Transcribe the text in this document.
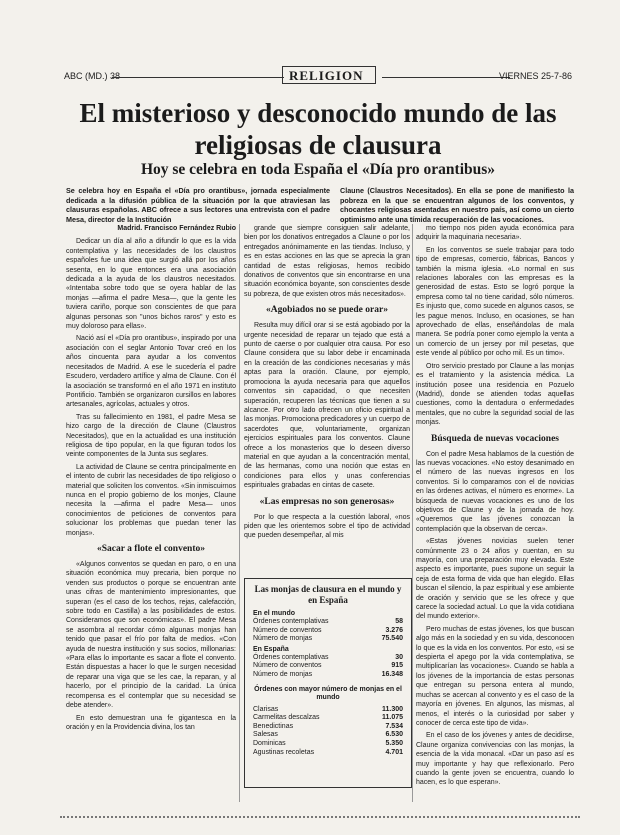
ABC (MD.) 38	RELIGION	VIERNES 25-7-86
El misterioso y desconocido mundo de las religiosas de clausura
Hoy se celebra en toda España el «Día pro orantibus»
Se celebra hoy en España el «Día pro orantibus», jornada especialmente dedicada a la difusión pública de la situación por la que atraviesan las clausuras españolas. ABC ofrece a sus lectores una entrevista con el padre Mesa, director de la Institución
Claune (Claustros Necesitados). En ella se pone de manifiesto la pobreza en la que se encuentran algunos de los conventos, y chocantes religiosas asentadas en nuestro país, así como un cierto optimismo ante una tímida recuperación de las vocaciones.

Madrid. Francisco Fernández Rubio

Dedicar un día al año a difundir lo que es la vida contemplativa y las necesidades de los claustros españoles fue una idea que surgió allá por los años sesenta, en lo que entonces era una asociación dedicada a la ayuda de los claustros necesitados. «Intentaba sobre todo que se oyera hablar de las monjas —afirma el padre Mesa—, que la gente les tuviera cariño, porque son conscientes de que para algunas personas son "unos bichos raros" y esto es muy doloroso para ellas».

Nació así el «Día pro orantibus», inspirado por una asociación con el seglar Antonio Tovar creó en los años cincuenta para ayudar a los conventos necesitados de Madrid. A ese le sucedería el padre Escudero, verdadero artífice y alma de Claune. Con él la asociación se transformó en el año 1971 en instituto Pontificio. También se organizaron cursillos en labores artesanales, agrícolas, actuales y otros.

Tras su fallecimiento en 1981, el padre Mesa se hizo cargo de la dirección de Claune (Claustros Necesitados), que en la actualidad es una institución religiosa de tipo popular, en la que figuran todos los veinte componentes de la Junta sus seglares.

La actividad de Claune se centra principalmente en el intento de cubrir las necesidades de tipo religioso o material que soliciten los conventos. «Sin inmiscuirnos nunca en el propio gobierno de los monjes, Claune necesita la —afirma el padre Mesa— unos conocimientos de peticiones de conventos para solucionar los problemas que puedan tener las monjas».

«Sacar a flote el convento»

«Algunos conventos se quedan en paro, o en una situación económica muy precaria, bien porque no venden sus productos o porque se encuentran ante unas cifras de mantenimiento impresionantes, que superan (es el caso de los techos, rejas, calefacción, sobre todo en Castilla) a las posibilidades de estos. Consideramos que son económicas». El padre Mesa se asombra al recordar cómo algunas monjas han tenido que pasar el frío por falta de medios. «Con ayuda de nuestra institución y sus socios, millonarias: «Para ellas lo importante es sacar a flote el convento. Están dispuestas a hacer lo que le surgen necesidad de reparar una viga que se les cae, la reparan, y al hacerlo, por el principio de la caridad. La única recompensa es el contemplar que su necesidad se debe atender».

En esto demuestran una fe gigantesca en la oración y en la Providencia divina, los tan

grande que siempre consiguen salir adelante, bien por los donativos entregados a Claune o por los entregados anónimamente en las tiendas. Incluso, y es en estas acciones en las que se aprecia la gran cantidad de estas religiosas, hemos recibido donativos de conventos que sin encontrarse en una situación económica boyante, son conscientes desde su pobreza, de que existen otros más necesitados».

«Agobiados no se puede orar»

Resulta muy difícil orar si se está agobiado por la urgente necesidad de reparar un tejado que está a punto de caerse o por cualquier otra causa. Por eso Claune considera que su labor debe ir encaminada en la creación de las condiciones necesarias y más aptas para la oración. Claune, por ejemplo, promociona la ayuda necesaria para que aquellos conventos sin capacidad, o que necesiten superación, recuperen las técnicas que tienen a su alcance. Por otro lado ofrecen un oficio espiritual a las monjas. Promociona predicadores y un cuerpo de sacerdotes que, voluntariamente, organizan ejercicios espirituales para los conventos. Claune ofrece a los monasterios que lo deseen diverso material en que ayudan a la concentración mental, de las hermanas, como una noción que estas en condiciones para ellos y unas conferencias espirituales grabadas en cintas de casete.

«Las empresas no son generosas»

Por lo que respecta a la cuestión laboral, «nos piden que les orientemos sobre el tipo de actividad que pueden desempeñar, al mis

Las monjas de clausura en el mundo y en España
En el mundo
Órdenes contemplativas	58
Número de conventos	3.276
Número de monjas	75.540
En España
Órdenes contemplativas	30
Número de conventos	915
Número de monjas	16.348
Órdenes con mayor número de monjas en el mundo
Clarisas	11.300
Carmelitas descalzas	11.075
Benedictinas	7.534
Salesas	6.530
Dominicas	5.350
Agustinas recoletas	4.701

mo tiempo nos piden ayuda económica para adquirir la maquinaria necesaria».

En los conventos se suele trabajar para todo tipo de empresas, comercio, fábricas, Bancos y también la misma iglesia. «Lo normal en sus relaciones laborales con las empresas es la generosidad de estas. Esto se logró porque la empresa como tal no tiene caridad, sólo números. Es injusto que, como sucede en algunos casos, se les pague menos. Incluso, en ocasiones, se han aprovechado de ellas, enseñándolas de mala manera. Se podría poner como ejemplo la venta a un comercio de un jersey por mil pesetas, que este vende al público por ocho mil. Es un timo».

Otro servicio prestado por Claune a las monjas es el tratamiento y la asistencia médica. La institución posee una residencia en Pozuelo (Madrid), donde se atienden todas aquellas cuestiones, como la dentadura o enfermedades mentales, que no cubre la seguridad social de las monjas.

Búsqueda de nuevas vocaciones

Con el padre Mesa hablamos de la cuestión de las nuevas vocaciones. «No estoy desanimado en el número de las nuevas ingresos en los conventos. Si lo comparamos con el de novicias en las órdenes activas, el número es enorme». La búsqueda de nuevas vocaciones es uno de los objetivos de Claune y de la jornada de hoy. «Queremos que las jóvenes conozcan la contemplación que la observan de cerca».

«Estas jóvenes novicias suelen tener comúnmente 23 o 24 años y cuentan, en su mayoría, con una preparación muy elevada. Este aspecto es importante, pues supone un seguir la ceja de esta forma de vida que han elegido. Ellas buscan el silencio, la paz espiritual y ese ambiente de oración y servicio que se les ofrece y que carece la sociedad actual. Lo que la vida cotidiana del mundo exterior».

Pero muchas de estas jóvenes, los que buscan algo más en la sociedad y en su vida, desconocen lo que es la vida en los conventos. Por esto, «si se despierta el apego por la vida contemplativa, se multiplicarían las vocaciones». Cuando se habla a los jóvenes de la importancia de estas personas que entregan su persona entera al mundo, muchas se acercan al convento y es el caso de la mayoría en jóvenes. En algunos, las mismas, al menos, el interés o la curiosidad por saber y conocer de cerca este tipo de vida».

En el caso de los jóvenes y antes de decidirse, Claune organiza convivencias con las monjas, la esencia de la vida monacal. «Dar un paso así es muy importante y hay que reflexionarlo. Pero cuando la gente joven se encuentra, cuando lo hacen, es lo que esperan».
